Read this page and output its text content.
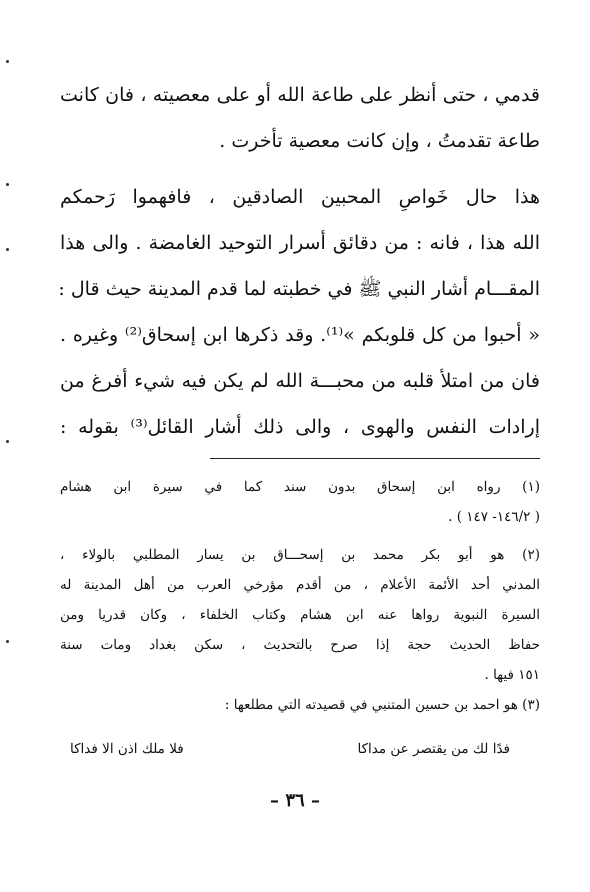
قدمي ، حتى أنظر على طاعة الله أو على معصيته ، فان كانت
طاعة تقدمتُ ، وإن كانت معصية تأخرت .
هذا حال خَواصِ المحبين الصادقين ، فافهموا رَحمكم
الله هذا ، فانه : من دقائق أسرار التوحيد الغامضة . والى هذا
المقـــام أشار النبي ﷺ في خطبته لما قدم المدينة حيث قال :
« أحبوا من كل قلوبكم »⁽¹⁾. وقد ذكرها ابن إسحاق⁽²⁾ وغيره .
فان من امتلأ قلبه من محبـــة الله لم يكن فيه شيء أفرغ من
إرادات النفس والهوى ، والى ذلك أشار القائل⁽³⁾ بقوله :
(١) رواه ابن إسحاق بدون سند كما في سيرة ابن هشام
( ١٤٦/٢- ١٤٧ ) .
(٢) هو أبو بكر محمد بن إسحـــاق بن يسار المطلبي بالولاء ،
المدني أحد الأئمة الأعلام ، من أقدم مؤرخي العرب من أهل المدينة له
السيرة النبوية رواها عنه ابن هشام وكتاب الخلفاء ، وكان قدريا ومن
حفاظ الحديث حجة إذا صرح بالتحديث ، سكن بغداد ومات سنة
١٥١ فيها .
(٣) هو احمد بن حسين المتنبي في قصيدته التي مطلعها :
فدًا لك من يقتصر عن مداكا
فلا ملك اذن الا فداكا
– ٣٦ –
